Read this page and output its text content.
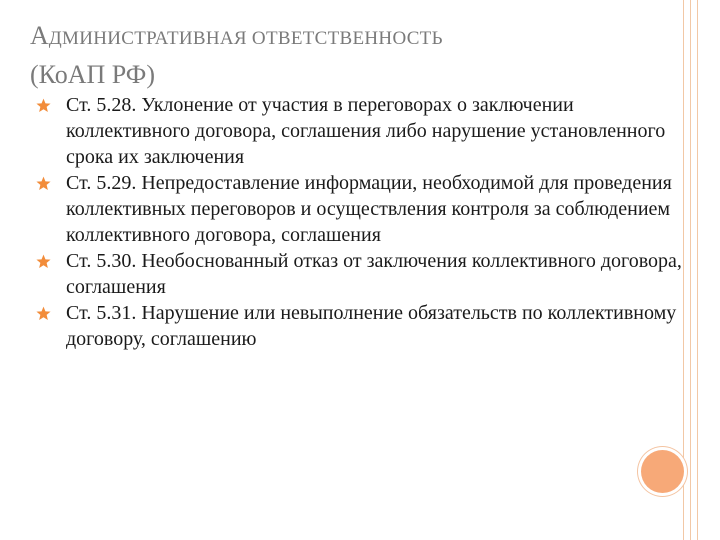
АДМИНИСТРАТИВНАЯ ОТВЕТСТВЕННОСТЬ
(КоАП РФ)
Ст. 5.28. Уклонение от участия в переговорах о заключении коллективного договора, соглашения либо нарушение установленного срока их заключения
Ст. 5.29. Непредоставление информации, необходимой для проведения коллективных переговоров и осуществления контроля за соблюдением коллективного договора, соглашения
Ст. 5.30. Необоснованный отказ от заключения коллективного договора, соглашения
Ст. 5.31. Нарушение или невыполнение обязательств по коллективному договору, соглашению
